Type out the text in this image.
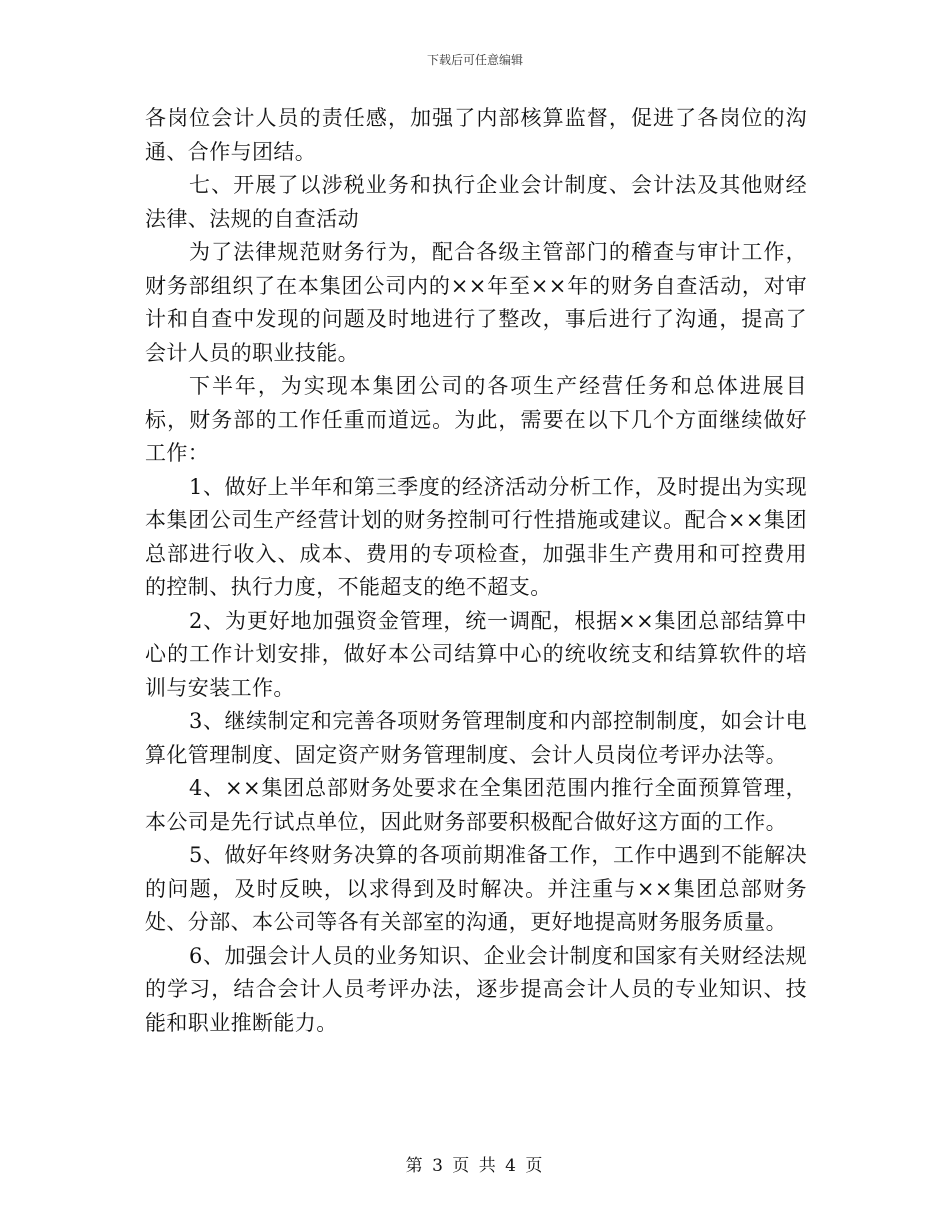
下载后可任意编辑

各岗位会计人员的责任感，加强了内部核算监督，促进了各岗位的沟通、合作与团结。

七、开展了以涉税业务和执行企业会计制度、会计法及其他财经法律、法规的自查活动

为了法律规范财务行为，配合各级主管部门的稽查与审计工作，财务部组织了在本集团公司内的××年至××年的财务自查活动，对审计和自查中发现的问题及时地进行了整改，事后进行了沟通，提高了会计人员的职业技能。

下半年，为实现本集团公司的各项生产经营任务和总体进展目标，财务部的工作任重而道远。为此，需要在以下几个方面继续做好工作：

1、做好上半年和第三季度的经济活动分析工作，及时提出为实现本集团公司生产经营计划的财务控制可行性措施或建议。配合××集团总部进行收入、成本、费用的专项检查，加强非生产费用和可控费用的控制、执行力度，不能超支的绝不超支。

2、为更好地加强资金管理，统一调配，根据××集团总部结算中心的工作计划安排，做好本公司结算中心的统收统支和结算软件的培训与安装工作。

3、继续制定和完善各项财务管理制度和内部控制制度，如会计电算化管理制度、固定资产财务管理制度、会计人员岗位考评办法等。

4、××集团总部财务处要求在全集团范围内推行全面预算管理，本公司是先行试点单位，因此财务部要积极配合做好这方面的工作。

5、做好年终财务决算的各项前期准备工作，工作中遇到不能解决的问题，及时反映，以求得到及时解决。并注重与××集团总部财务处、分部、本公司等各有关部室的沟通，更好地提高财务服务质量。

6、加强会计人员的业务知识、企业会计制度和国家有关财经法规的学习，结合会计人员考评办法，逐步提高会计人员的专业知识、技能和职业推断能力。

第 3 页 共 4 页
